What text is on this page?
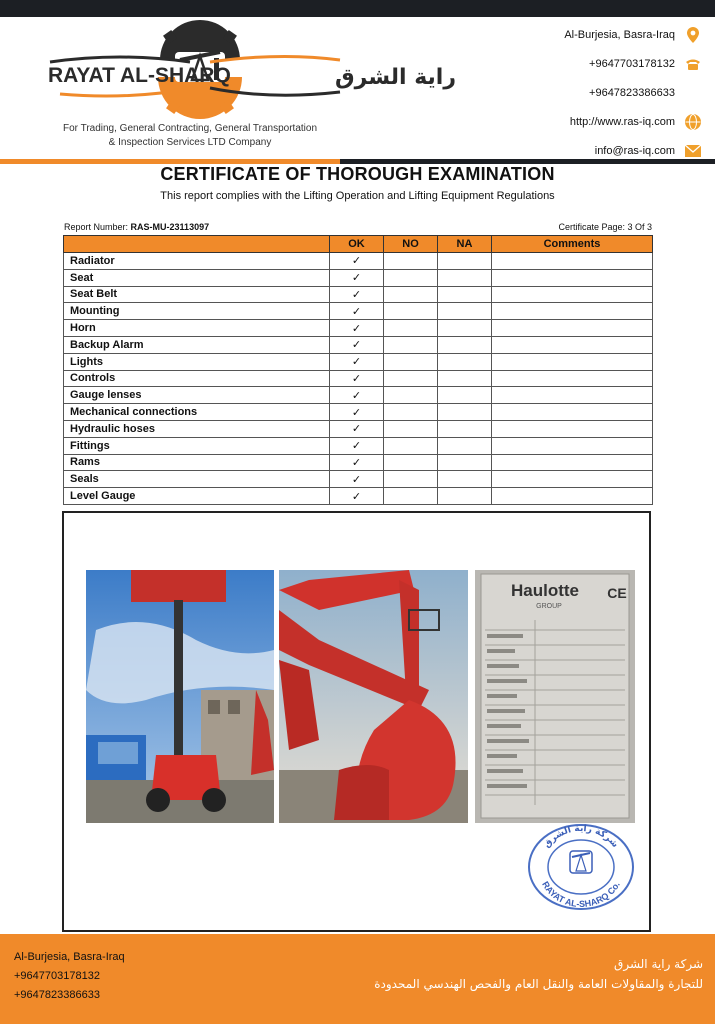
RAYAT AL-SHARQ	راية الشرق
For Trading, General Contracting, General Transportation
& Inspection Services LTD Company
Al-Burjesia, Basra-Iraq
+9647703178132
+9647823386633
http://www.ras-iq.com
info@ras-iq.com
CERTIFICATE OF THOROUGH EXAMINATION
This report complies with the Lifting Operation and Lifting Equipment Regulations
Report Number: RAS-MU-23113097	Certificate Page: 3 Of 3
	OK	NO	NA	Comments
Radiator	✓			
Seat	✓			
Seat Belt	✓			
Mounting	✓			
Horn	✓			
Backup Alarm	✓			
Lights	✓			
Controls	✓			
Gauge lenses	✓			
Mechanical connections	✓			
Hydraulic hoses	✓			
Fittings	✓			
Rams	✓			
Seals	✓			
Level Gauge	✓			
Haulotte
GROUP
CE
شركة راية الشرق
RAYAT AL-SHARQ Co.
Al-Burjesia, Basra-Iraq
+9647703178132
+9647823386633
شركة راية الشرق
للتجارة والمقاولات العامة والنقل العام والفحص الهندسي المحدودة
